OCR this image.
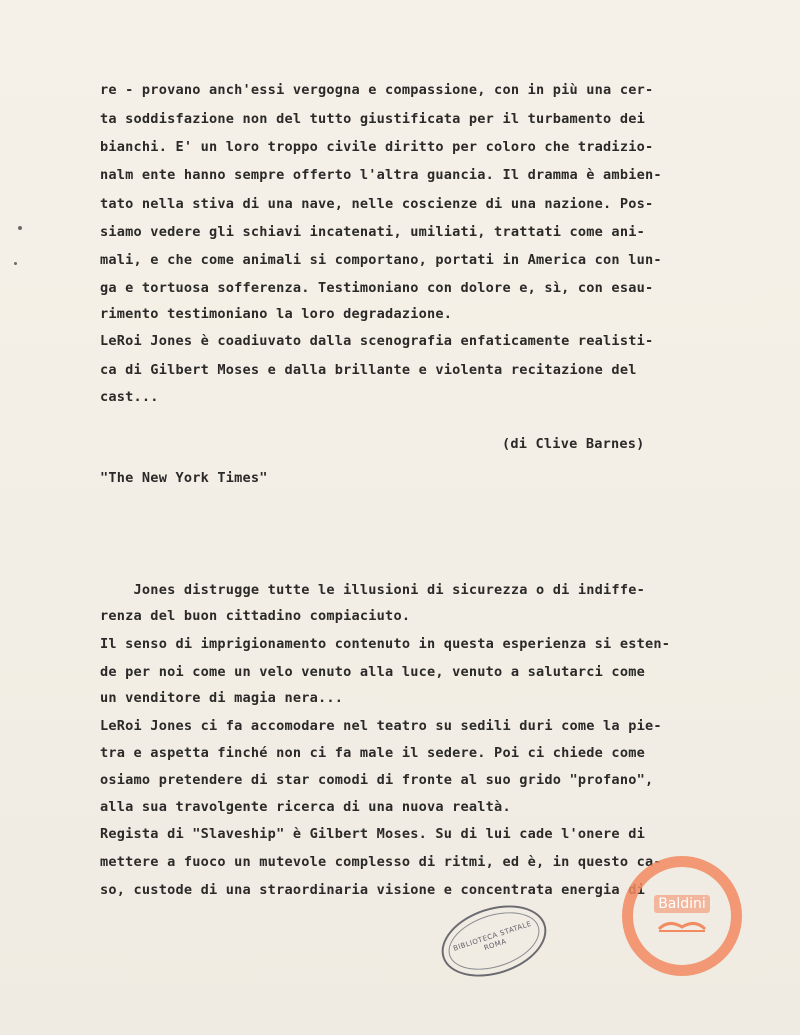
re - provano anch'essi vergogna e compassione, con in più una cer-
ta soddisfazione non del tutto giustificata per il turbamento dei
bianchi. E' un loro troppo civile diritto per coloro che tradizio-
nalm ente hanno sempre offerto l'altra guancia. Il dramma è ambien-
tato nella stiva di una nave, nelle coscienze di una nazione. Pos-
siamo vedere gli schiavi incatenati, umiliati, trattati come ani-
mali, e che come animali si comportano, portati in America con lun-
ga e tortuosa sofferenza. Testimoniano con dolore e, sì, con esau-
rimento testimoniano la loro degradazione.
LeRoi Jones è coadiuvato dalla scenografia enfaticamente realisti-
ca di Gilbert Moses e dalla brillante e violenta recitazione del
cast...
(di Clive Barnes)
"The New York Times"
Jones distrugge tutte le illusioni di sicurezza o di indiffe-
renza del buon cittadino compiaciuto.
Il senso di imprigionamento contenuto in questa esperienza si esten-
de per noi come un velo venuto alla luce, venuto a salutarci come
un venditore di magia nera...
LeRoi Jones ci fa accomodare nel teatro su sedili duri come la pie-
tra e aspetta finché non ci fa male il sedere. Poi ci chiede come
osiamo pretendere di star comodi di fronte al suo grido "profano",
alla sua travolgente ricerca di una nuova realtà.
Regista di "Slaveship" è Gilbert Moses. Su di lui cade l'onere di
mettere a fuoco un mutevole complesso di ritmi, ed è, in questo ca-
so, custode di una straordinaria visione e concentrata energia di
BIBLIOTECA STATALE ROMA
Baldini
